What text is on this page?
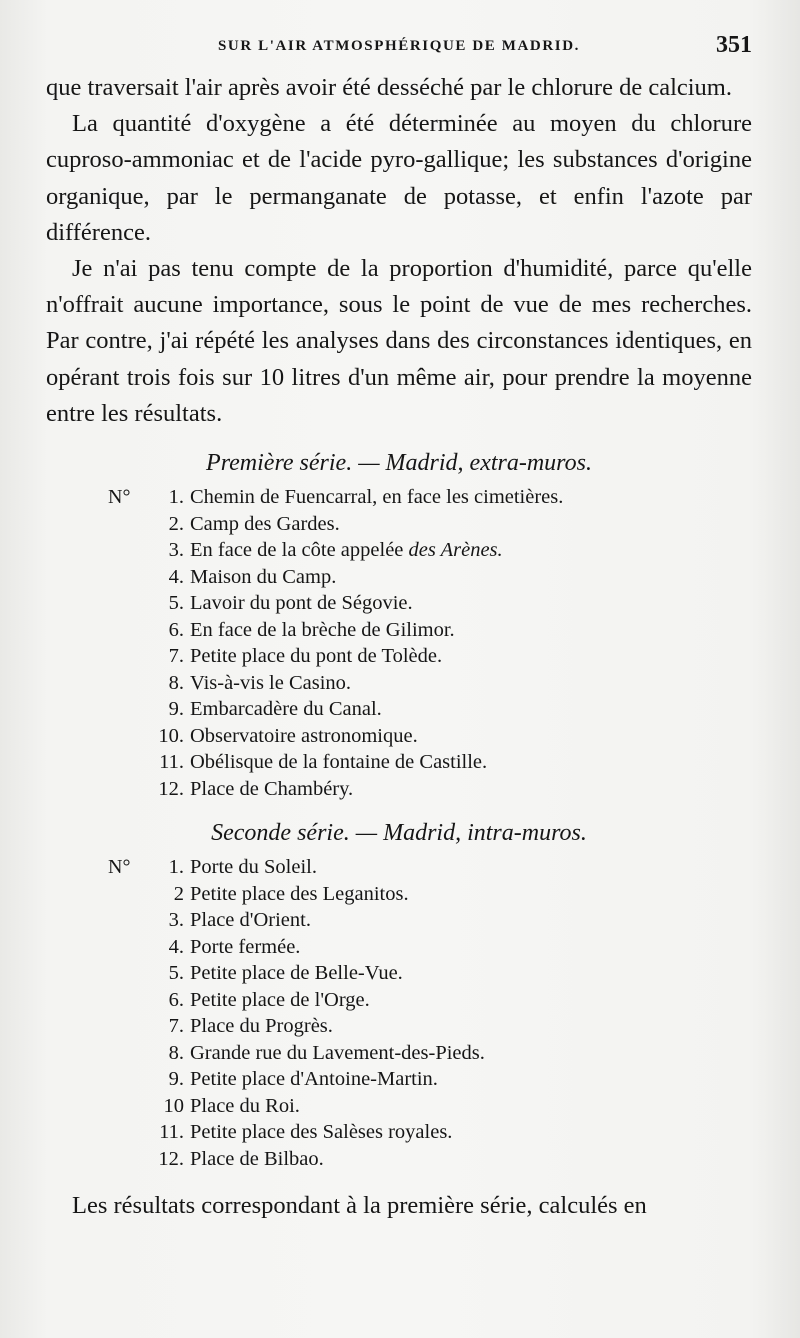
SUR L'AIR ATMOSPHÉRIQUE DE MADRID.	351

que traversait l'air après avoir été desséché par le chlorure de calcium.

La quantité d'oxygène a été déterminée au moyen du chlorure cuproso-ammoniac et de l'acide pyro-gallique; les substances d'origine organique, par le permanganate de potasse, et enfin l'azote par différence.

Je n'ai pas tenu compte de la proportion d'humidité, parce qu'elle n'offrait aucune importance, sous le point de vue de mes recherches. Par contre, j'ai répété les analyses dans des circonstances identiques, en opérant trois fois sur 10 litres d'un même air, pour prendre la moyenne entre les résultats.

Première série. — Madrid, extra-muros.
N°	1. Chemin de Fuencarral, en face les cimetières.
2. Camp des Gardes.
3. En face de la côte appelée des Arènes.
4. Maison du Camp.
5. Lavoir du pont de Ségovie.
6. En face de la brèche de Gilimor.
7. Petite place du pont de Tolède.
8. Vis-à-vis le Casino.
9. Embarcadère du Canal.
10. Observatoire astronomique.
11. Obélisque de la fontaine de Castille.
12. Place de Chambéry.
Seconde série. — Madrid, intra-muros.
N°	1. Porte du Soleil.
2 Petite place des Leganitos.
3. Place d'Orient.
4. Porte fermée.
5. Petite place de Belle-Vue.
6. Petite place de l'Orge.
7. Place du Progrès.
8. Grande rue du Lavement-des-Pieds.
9. Petite place d'Antoine-Martin.
10 Place du Roi.
11. Petite place des Salèses royales.
12. Place de Bilbao.

Les résultats correspondant à la première série, calculés en
